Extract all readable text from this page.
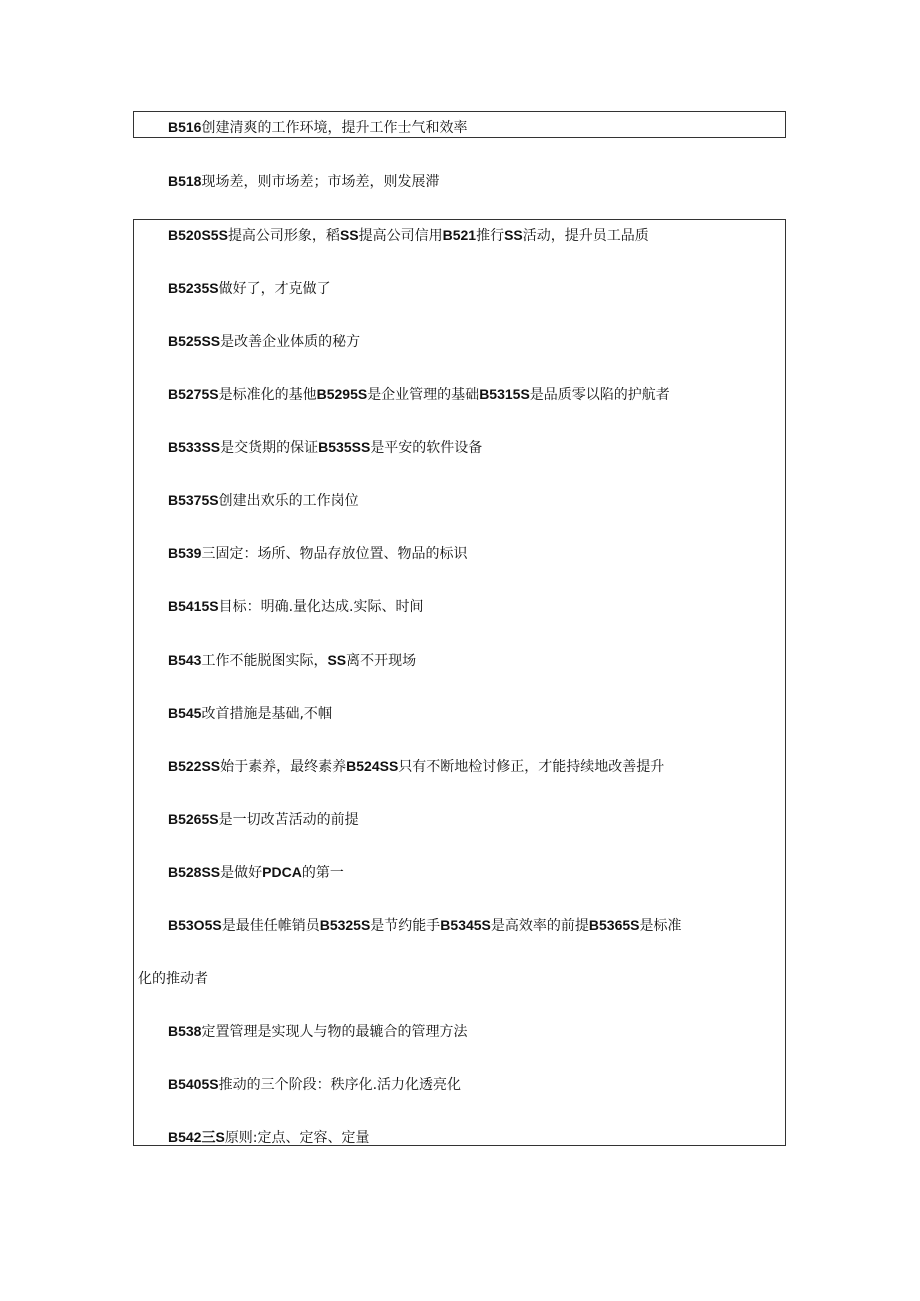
B516创建清爽的工作环境，提升工作士气和效率
B518现场差，则市场差；市场差，则发展滞
B520S5S提高公司形象，稻SS提高公司信用B521推行SS活动，提升员工品质
B5235S做好了，才克做了
B525SS是改善企业体质的秘方
B5275S是标准化的基他B5295S是企业管理的基础B5315S是品质零以陷的护航者
B533SS是交货期的保证B535SS是平安的软件设备
B5375S创建出欢乐的工作岗位
B539三固定：场所、物品存放位置、物品的标识
B5415S目标：明确.量化达成.实际、时间
B543工作不能脱图实际，SS离不开现场
B545改首措施是基础,不帼
B522SS始于素养，最终素养B524SS只有不断地检讨修正，才能持续地改善提升
B5265S是一切改苫活动的前提
B528SS是做好PDCA的第一
B53O5S是最佳任帷销员B5325S是节约能手B5345S是高效率的前提B5365S是标准
化的推动者
B538定置管理是实现人与物的最辘合的管理方法
B5405S推动的三个阶段：秩序化.活力化透亮化
B542三S原则:定点、定容、定量
